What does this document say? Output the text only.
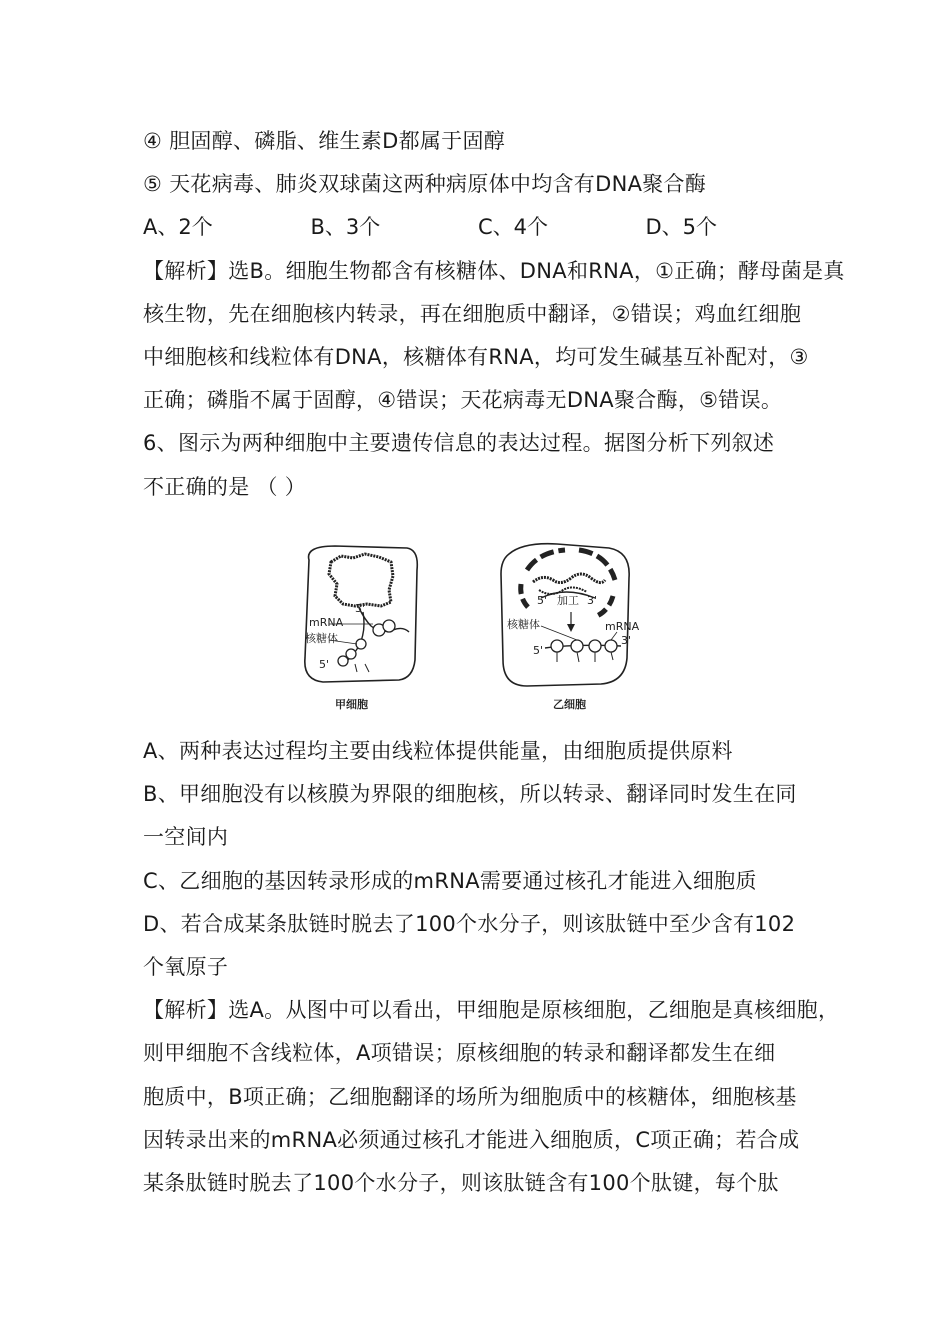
④ 胆固醇、磷脂、维生素D都属于固醇
⑤ 天花病毒、肺炎双球菌这两种病原体中均含有DNA聚合酶
A、2个	B、3个	C、4个	D、5个
【解析】选B。细胞生物都含有核糖体、DNA和RNA，①正确；酵母菌是真
核生物，先在细胞核内转录，再在细胞质中翻译，②错误；鸡血红细胞
中细胞核和线粒体有DNA，核糖体有RNA，均可发生碱基互补配对，③
正确；磷脂不属于固醇，④错误；天花病毒无DNA聚合酶，⑤错误。
6、图示为两种细胞中主要遗传信息的表达过程。据图分析下列叙述
不正确的是 （ ）
3'
mRNA
核糖体
5'
甲细胞
5' 加工 3'
核糖体	mRNA
5'
3'
乙细胞
A、两种表达过程均主要由线粒体提供能量，由细胞质提供原料
B、甲细胞没有以核膜为界限的细胞核，所以转录、翻译同时发生在同
一空间内
C、乙细胞的基因转录形成的mRNA需要通过核孔才能进入细胞质
D、若合成某条肽链时脱去了100个水分子，则该肽链中至少含有102
个氧原子
【解析】选A。从图中可以看出，甲细胞是原核细胞，乙细胞是真核细胞，
则甲细胞不含线粒体，A项错误；原核细胞的转录和翻译都发生在细
胞质中，B项正确；乙细胞翻译的场所为细胞质中的核糖体，细胞核基
因转录出来的mRNA必须通过核孔才能进入细胞质，C项正确；若合成
某条肽链时脱去了100个水分子，则该肽链含有100个肽键，每个肽
